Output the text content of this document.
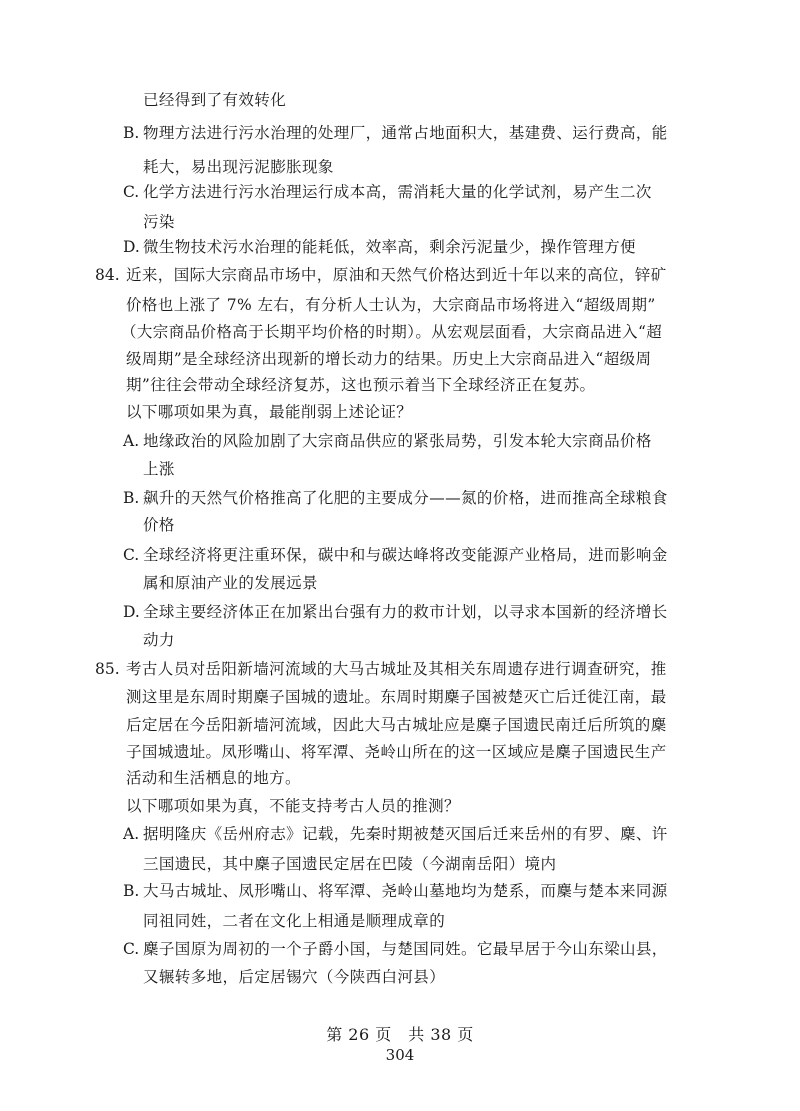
已经得到了有效转化
B. 物理方法进行污水治理的处理厂，通常占地面积大，基建费、运行费高，能
耗大，易出现污泥膨胀现象
C. 化学方法进行污水治理运行成本高，需消耗大量的化学试剂，易产生二次
污染
D. 微生物技术污水治理的能耗低，效率高，剩余污泥量少，操作管理方便
84. 近来，国际大宗商品市场中，原油和天然气价格达到近十年以来的高位，锌矿
价格也上涨了 7% 左右，有分析人士认为，大宗商品市场将进入“超级周期”
（大宗商品价格高于长期平均价格的时期）。从宏观层面看，大宗商品进入“超
级周期”是全球经济出现新的增长动力的结果。历史上大宗商品进入“超级周
期”往往会带动全球经济复苏，这也预示着当下全球经济正在复苏。
以下哪项如果为真，最能削弱上述论证？
A. 地缘政治的风险加剧了大宗商品供应的紧张局势，引发本轮大宗商品价格
上涨
B. 飙升的天然气价格推高了化肥的主要成分——氮的价格，进而推高全球粮食
价格
C. 全球经济将更注重环保，碳中和与碳达峰将改变能源产业格局，进而影响金
属和原油产业的发展远景
D. 全球主要经济体正在加紧出台强有力的救市计划，以寻求本国新的经济增长
动力
85. 考古人员对岳阳新墙河流域的大马古城址及其相关东周遗存进行调查研究，推
测这里是东周时期麇子国城的遗址。东周时期麇子国被楚灭亡后迁徙江南，最
后定居在今岳阳新墙河流域，因此大马古城址应是麇子国遗民南迁后所筑的麇
子国城遗址。凤形嘴山、将军潭、尧岭山所在的这一区域应是麇子国遗民生产
活动和生活栖息的地方。
以下哪项如果为真，不能支持考古人员的推测？
A. 据明隆庆《岳州府志》记载，先秦时期被楚灭国后迁来岳州的有罗、麇、许
三国遗民，其中麇子国遗民定居在巴陵（今湖南岳阳）境内
B. 大马古城址、凤形嘴山、将军潭、尧岭山墓地均为楚系，而麇与楚本来同源
同祖同姓，二者在文化上相通是顺理成章的
C. 麇子国原为周初的一个子爵小国，与楚国同姓。它最早居于今山东梁山县，
又辗转多地，后定居锡穴（今陕西白河县）
第 26 页　共 38 页
304
